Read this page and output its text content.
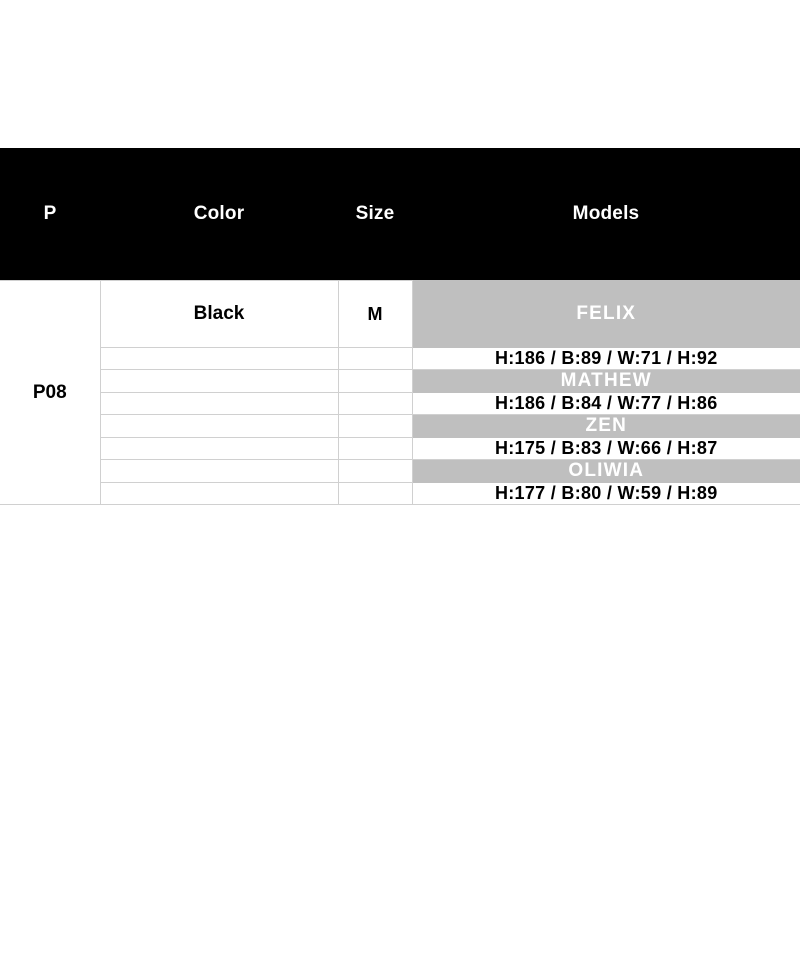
P	Color	Size	Models
P08	Black	M	FELIX
			H:186 / B:89 / W:71 / H:92
			MATHEW
			H:186 / B:84 / W:77 / H:86
			ZEN
			H:175 / B:83 / W:66 / H:87
			OLIWIA
			H:177 / B:80 / W:59 / H:89
